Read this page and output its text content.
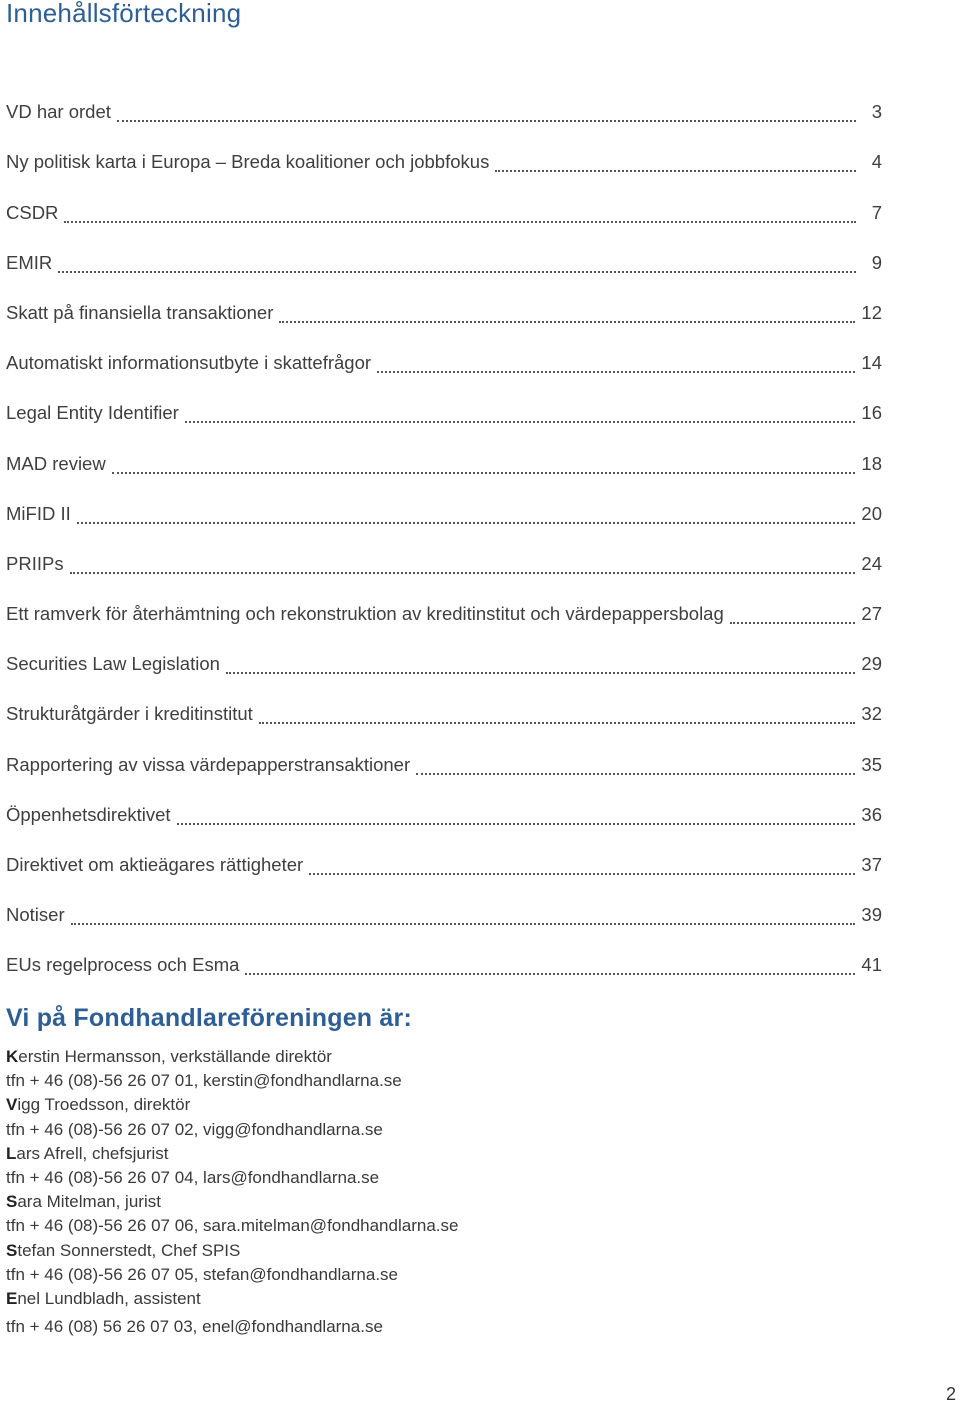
Innehållsförteckning
VD har ordet	3
Ny politisk karta i Europa – Breda koalitioner och jobbfokus	4
CSDR	7
EMIR	9
Skatt på finansiella transaktioner	12
Automatiskt informationsutbyte i skattefrågor	14
Legal Entity Identifier	16
MAD review	18
MiFID II	20
PRIIPs	24
Ett ramverk för återhämtning och rekonstruktion av kreditinstitut och värdepappersbolag	27
Securities Law Legislation	29
Strukturåtgärder i kreditinstitut	32
Rapportering av vissa värdepapperstransaktioner	35
Öppenhetsdirektivet	36
Direktivet om aktieägares rättigheter	37
Notiser	39
EUs regelprocess och Esma	41
Vi på Fondhandlareföreningen är:
Kerstin Hermansson, verkställande direktör
tfn + 46 (08)-56 26 07 01, kerstin@fondhandlarna.se
Vigg Troedsson, direktör
tfn + 46 (08)-56 26 07 02, vigg@fondhandlarna.se
Lars Afrell, chefsjurist
tfn + 46 (08)-56 26 07 04, lars@fondhandlarna.se
Sara Mitelman, jurist
tfn + 46 (08)-56 26 07 06, sara.mitelman@fondhandlarna.se
Stefan Sonnerstedt, Chef SPIS
tfn + 46 (08)-56 26 07 05, stefan@fondhandlarna.se
Enel Lundbladh, assistent
tfn + 46 (08) 56 26 07 03, enel@fondhandlarna.se
2
